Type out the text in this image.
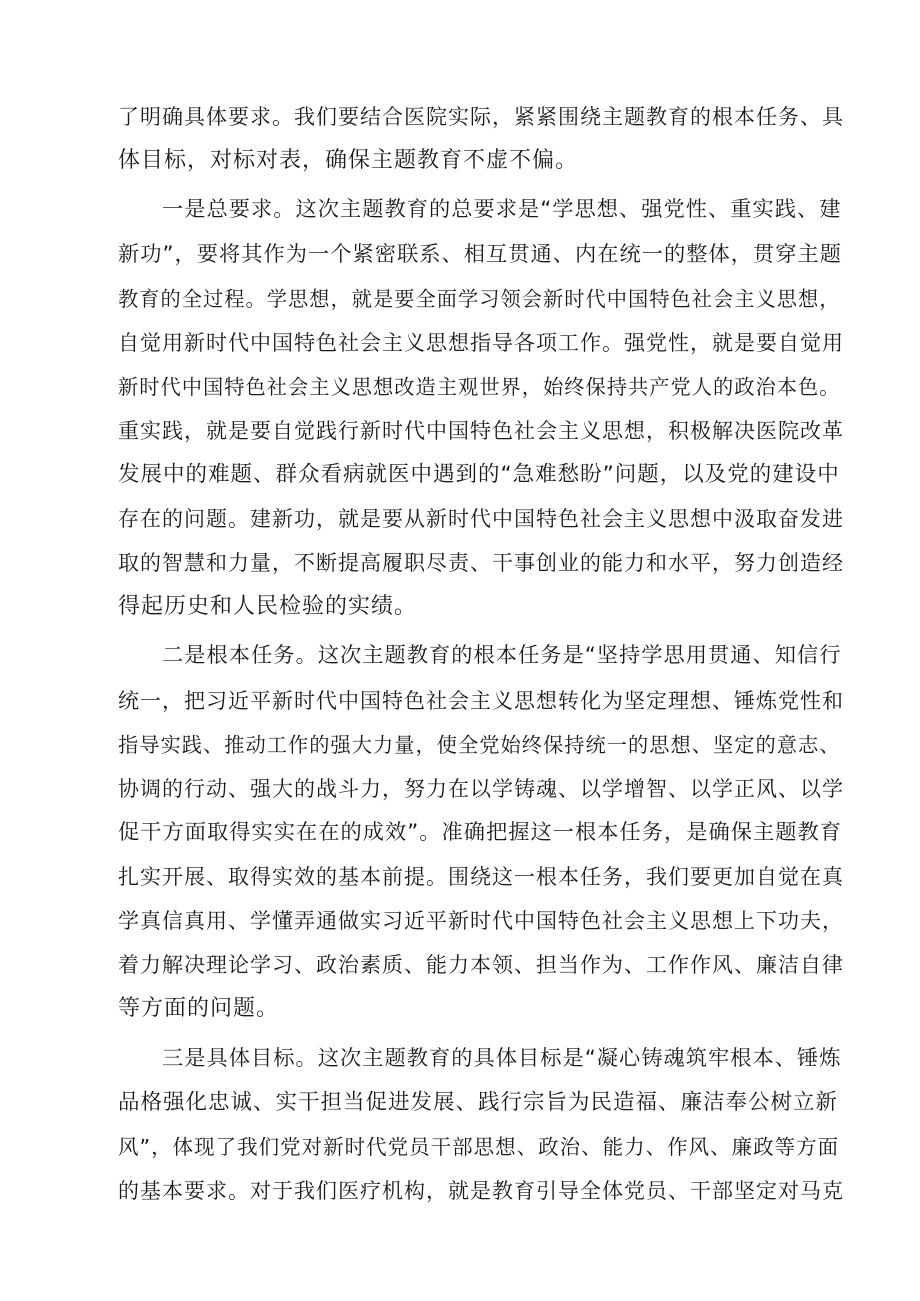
了明确具体要求。我们要结合医院实际，紧紧围绕主题教育的根本任务、具
体目标，对标对表，确保主题教育不虚不偏。
一是总要求。这次主题教育的总要求是“学思想、强党性、重实践、建
新功”，要将其作为一个紧密联系、相互贯通、内在统一的整体，贯穿主题
教育的全过程。学思想，就是要全面学习领会新时代中国特色社会主义思想，
自觉用新时代中国特色社会主义思想指导各项工作。强党性，就是要自觉用
新时代中国特色社会主义思想改造主观世界，始终保持共产党人的政治本色。
重实践，就是要自觉践行新时代中国特色社会主义思想，积极解决医院改革
发展中的难题、群众看病就医中遇到的“急难愁盼”问题，以及党的建设中
存在的问题。建新功，就是要从新时代中国特色社会主义思想中汲取奋发进
取的智慧和力量，不断提高履职尽责、干事创业的能力和水平，努力创造经
得起历史和人民检验的实绩。
二是根本任务。这次主题教育的根本任务是“坚持学思用贯通、知信行
统一，把习近平新时代中国特色社会主义思想转化为坚定理想、锤炼党性和
指导实践、推动工作的强大力量，使全党始终保持统一的思想、坚定的意志、
协调的行动、强大的战斗力，努力在以学铸魂、以学增智、以学正风、以学
促干方面取得实实在在的成效”。准确把握这一根本任务，是确保主题教育
扎实开展、取得实效的基本前提。围绕这一根本任务，我们要更加自觉在真
学真信真用、学懂弄通做实习近平新时代中国特色社会主义思想上下功夫，
着力解决理论学习、政治素质、能力本领、担当作为、工作作风、廉洁自律
等方面的问题。
三是具体目标。这次主题教育的具体目标是“凝心铸魂筑牢根本、锤炼
品格强化忠诚、实干担当促进发展、践行宗旨为民造福、廉洁奉公树立新
风”，体现了我们党对新时代党员干部思想、政治、能力、作风、廉政等方面
的基本要求。对于我们医疗机构，就是教育引导全体党员、干部坚定对马克
